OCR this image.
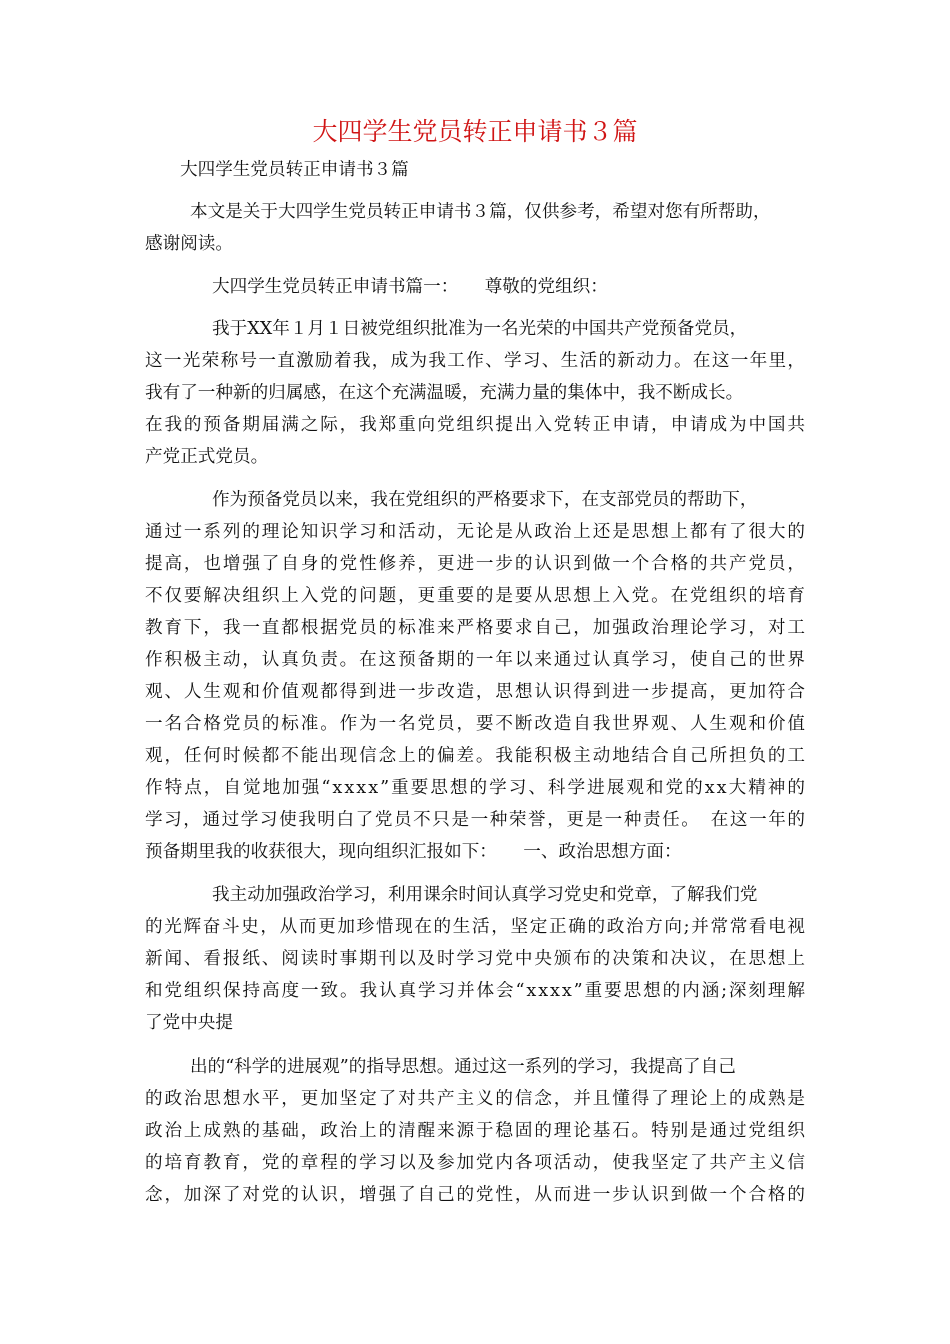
大四学生党员转正申请书３篇
大四学生党员转正申请书３篇
本文是关于大四学生党员转正申请书３篇，仅供参考，希望对您有所帮助，
感谢阅读。
大四学生党员转正申请书篇一：　　尊敬的党组织：
我于XX年１月１日被党组织批准为一名光荣的中国共产党预备党员，
这一光荣称号一直激励着我，成为我工作、学习、生活的新动力。在这一年里，
我有了一种新的归属感，在这个充满温暖，充满力量的集体中，我不断成长。
在我的预备期届满之际，我郑重向党组织提出入党转正申请，申请成为中国共
产党正式党员。
作为预备党员以来，我在党组织的严格要求下，在支部党员的帮助下，
通过一系列的理论知识学习和活动，无论是从政治上还是思想上都有了很大的
提高，也增强了自身的党性修养，更进一步的认识到做一个合格的共产党员，
不仅要解决组织上入党的问题，更重要的是要从思想上入党。在党组织的培育
教育下，我一直都根据党员的标准来严格要求自己，加强政治理论学习，对工
作积极主动，认真负责。在这预备期的一年以来通过认真学习，使自己的世界
观、人生观和价值观都得到进一步改造，思想认识得到进一步提高，更加符合
一名合格党员的标准。作为一名党员，要不断改造自我世界观、人生观和价值
观，任何时候都不能出现信念上的偏差。我能积极主动地结合自己所担负的工
作特点，自觉地加强“xxxx”重要思想的学习、科学进展观和党的xx大精神的
学习，通过学习使我明白了党员不只是一种荣誉，更是一种责任。　在这一年的
预备期里我的收获很大，现向组织汇报如下：　　一、政治思想方面：
我主动加强政治学习，利用课余时间认真学习党史和党章，了解我们党
的光辉奋斗史，从而更加珍惜现在的生活，坚定正确的政治方向;并常常看电视
新闻、看报纸、阅读时事期刊以及时学习党中央颁布的决策和决议，在思想上
和党组织保持高度一致。我认真学习并体会“xxxx”重要思想的内涵;深刻理解
了党中央提
出的“科学的进展观”的指导思想。通过这一系列的学习，我提高了自己
的政治思想水平，更加坚定了对共产主义的信念，并且懂得了理论上的成熟是
政治上成熟的基础，政治上的清醒来源于稳固的理论基石。特别是通过党组织
的培育教育，党的章程的学习以及参加党内各项活动，使我坚定了共产主义信
念，加深了对党的认识，增强了自己的党性，从而进一步认识到做一个合格的
